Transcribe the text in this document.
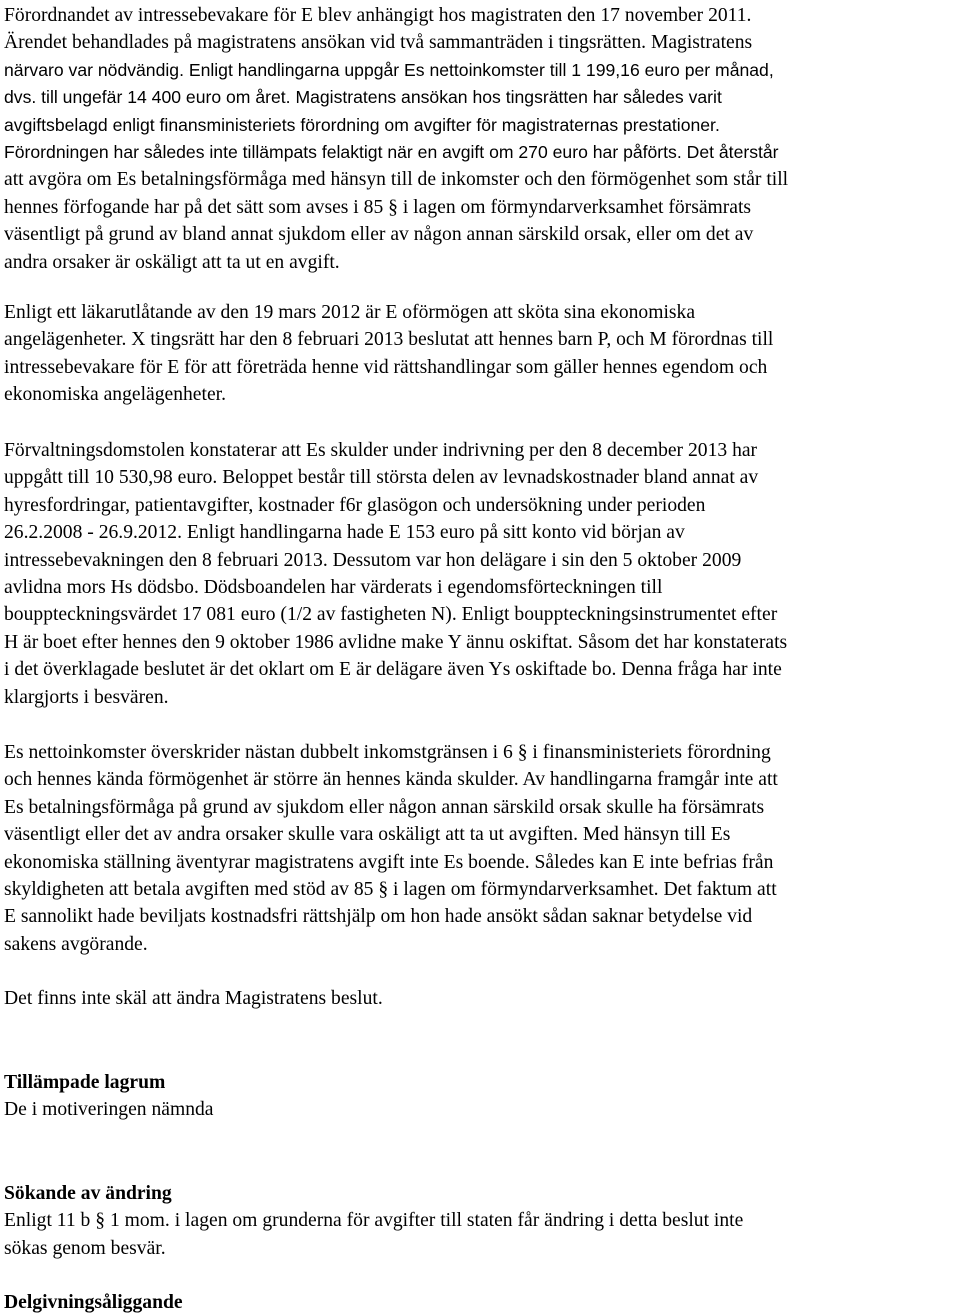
Förordnandet av intressebevakare för E blev anhängigt hos magistraten den 17 november 2011.
Ärendet behandlades på magistratens ansökan vid två sammanträden i tingsrätten. Magistratens
närvaro var nödvändig. Enligt handlingarna uppgår Es nettoinkomster till 1 199,16 euro per månad,
dvs. till ungefär 14 400 euro om året. Magistratens ansökan hos tingsrätten har således varit
avgiftsbelagd enligt finansministeriets förordning om avgifter för magistraternas prestationer.
Förordningen har således inte tillämpats felaktigt när en avgift om 270 euro har påförts. Det återstår
att avgöra om Es betalningsförmåga med hänsyn till de inkomster och den förmögenhet som står till
hennes förfogande har på det sätt som avses i 85 § i lagen om förmyndarverksamhet försämrats
väsentligt på grund av bland annat sjukdom eller av någon annan särskild orsak, eller om det av
andra orsaker är oskäligt att ta ut en avgift.
Enligt ett läkarutlåtande av den 19 mars 2012 är E oförmögen att sköta sina ekonomiska
angelägenheter. X tingsrätt har den 8 februari 2013 beslutat att hennes barn P, och M förordnas till
intressebevakare för E för att företräda henne vid rättshandlingar som gäller hennes egendom och
ekonomiska angelägenheter.
Förvaltningsdomstolen konstaterar att Es skulder under indrivning per den 8 december 2013 har
uppgått till 10 530,98 euro. Beloppet består till största delen av levnadskostnader bland annat av
hyresfordringar, patientavgifter, kostnader f6r glasögon och undersökning under perioden
26.2.2008 - 26.9.2012. Enligt handlingarna hade E 153 euro på sitt konto vid början av
intressebevakningen den 8 februari 2013. Dessutom var hon delägare i sin den 5 oktober 2009
avlidna mors Hs dödsbo. Dödsboandelen har värderats i egendomsförteckningen till
bouppteckningsvärdet 17 081 euro (1/2 av fastigheten N). Enligt bouppteckningsinstrumentet efter
H är boet efter hennes den 9 oktober 1986 avlidne make Y ännu oskiftat. Såsom det har konstaterats
i det överklagade beslutet är det oklart om E är delägare även Ys oskiftade bo. Denna fråga har inte
klargjorts i besvären.
Es nettoinkomster överskrider nästan dubbelt inkomstgränsen i 6 § i finansministeriets förordning
och hennes kända förmögenhet är större än hennes kända skulder. Av handlingarna framgår inte att
Es betalningsförmåga på grund av sjukdom eller någon annan särskild orsak skulle ha försämrats
väsentligt eller det av andra orsaker skulle vara oskäligt att ta ut avgiften. Med hänsyn till Es
ekonomiska ställning äventyrar magistratens avgift inte Es boende. Således kan E inte befrias från
skyldigheten att betala avgiften med stöd av 85 § i lagen om förmyndarverksamhet. Det faktum att
E sannolikt hade beviljats kostnadsfri rättshjälp om hon hade ansökt sådan saknar betydelse vid
sakens avgörande.
Det finns inte skäl att ändra Magistratens beslut.
Tillämpade lagrum
De i motiveringen nämnda
Sökande av ändring
Enligt 11 b § 1 mom. i lagen om grunderna för avgifter till staten får ändring i detta beslut inte
sökas genom besvär.
Delgivningsåliggande
